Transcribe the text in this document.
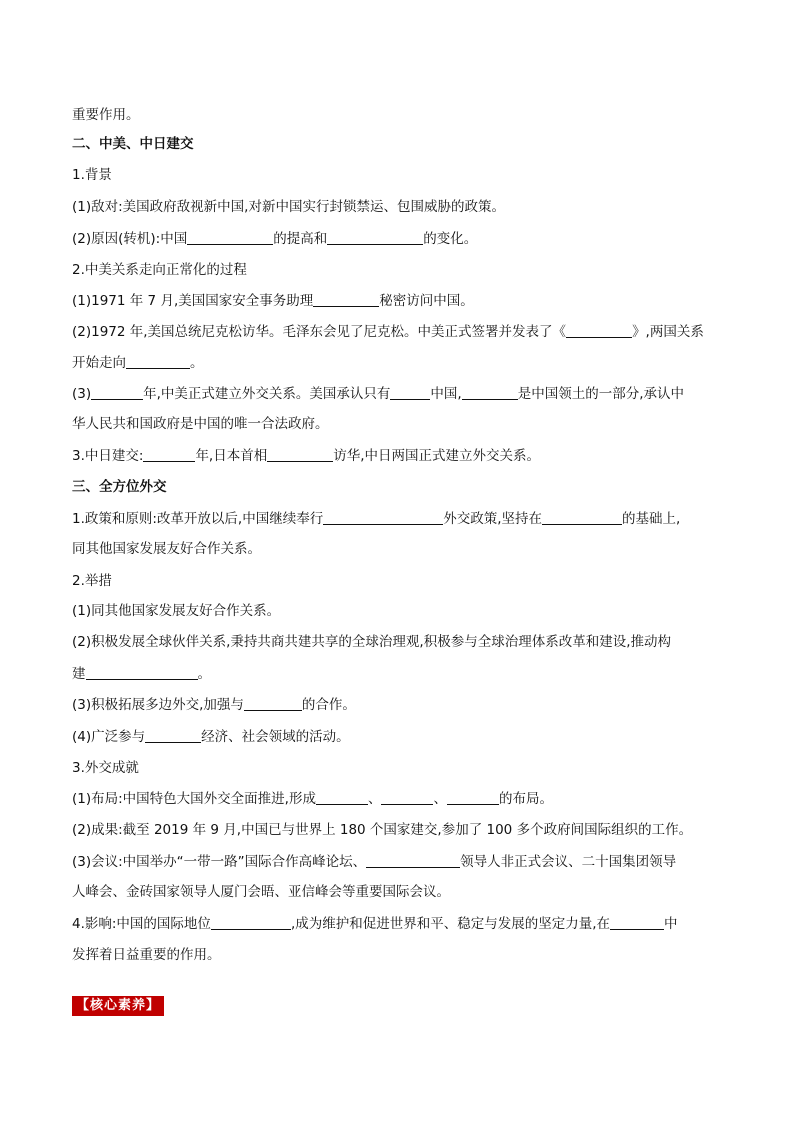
重要作用。
二、中美、中日建交
1.背景
(1)敌对:美国政府敌视新中国,对新中国实行封锁禁运、包围威胁的政策。
(2)原因(转机):中国	的提高和	的变化。
2.中美关系走向正常化的过程
(1)1971 年 7 月,美国国家安全事务助理	秘密访问中国。
(2)1972 年,美国总统尼克松访华。毛泽东会见了尼克松。中美正式签署并发表了《	》,两国关系
开始走向	。
(3)	年,中美正式建立外交关系。美国承认只有	中国,	是中国领土的一部分,承认中
华人民共和国政府是中国的唯一合法政府。
3.中日建交:	年,日本首相	访华,中日两国正式建立外交关系。
三、全方位外交
1.政策和原则:改革开放以后,中国继续奉行	外交政策,坚持在	的基础上,
同其他国家发展友好合作关系。
2.举措
(1)同其他国家发展友好合作关系。
(2)积极发展全球伙伴关系,秉持共商共建共享的全球治理观,积极参与全球治理体系改革和建设,推动构
建	。
(3)积极拓展多边外交,加强与	的合作。
(4)广泛参与	经济、社会领域的活动。
3.外交成就
(1)布局:中国特色大国外交全面推进,形成	、	、	的布局。
(2)成果:截至 2019 年 9 月,中国已与世界上 180 个国家建交,参加了 100 多个政府间国际组织的工作。
(3)会议:中国举办“一带一路”国际合作高峰论坛、	领导人非正式会议、二十国集团领导
人峰会、金砖国家领导人厦门会晤、亚信峰会等重要国际会议。
4.影响:中国的国际地位	,成为维护和促进世界和平、稳定与发展的坚定力量,在	中
发挥着日益重要的作用。
【核心素养】
